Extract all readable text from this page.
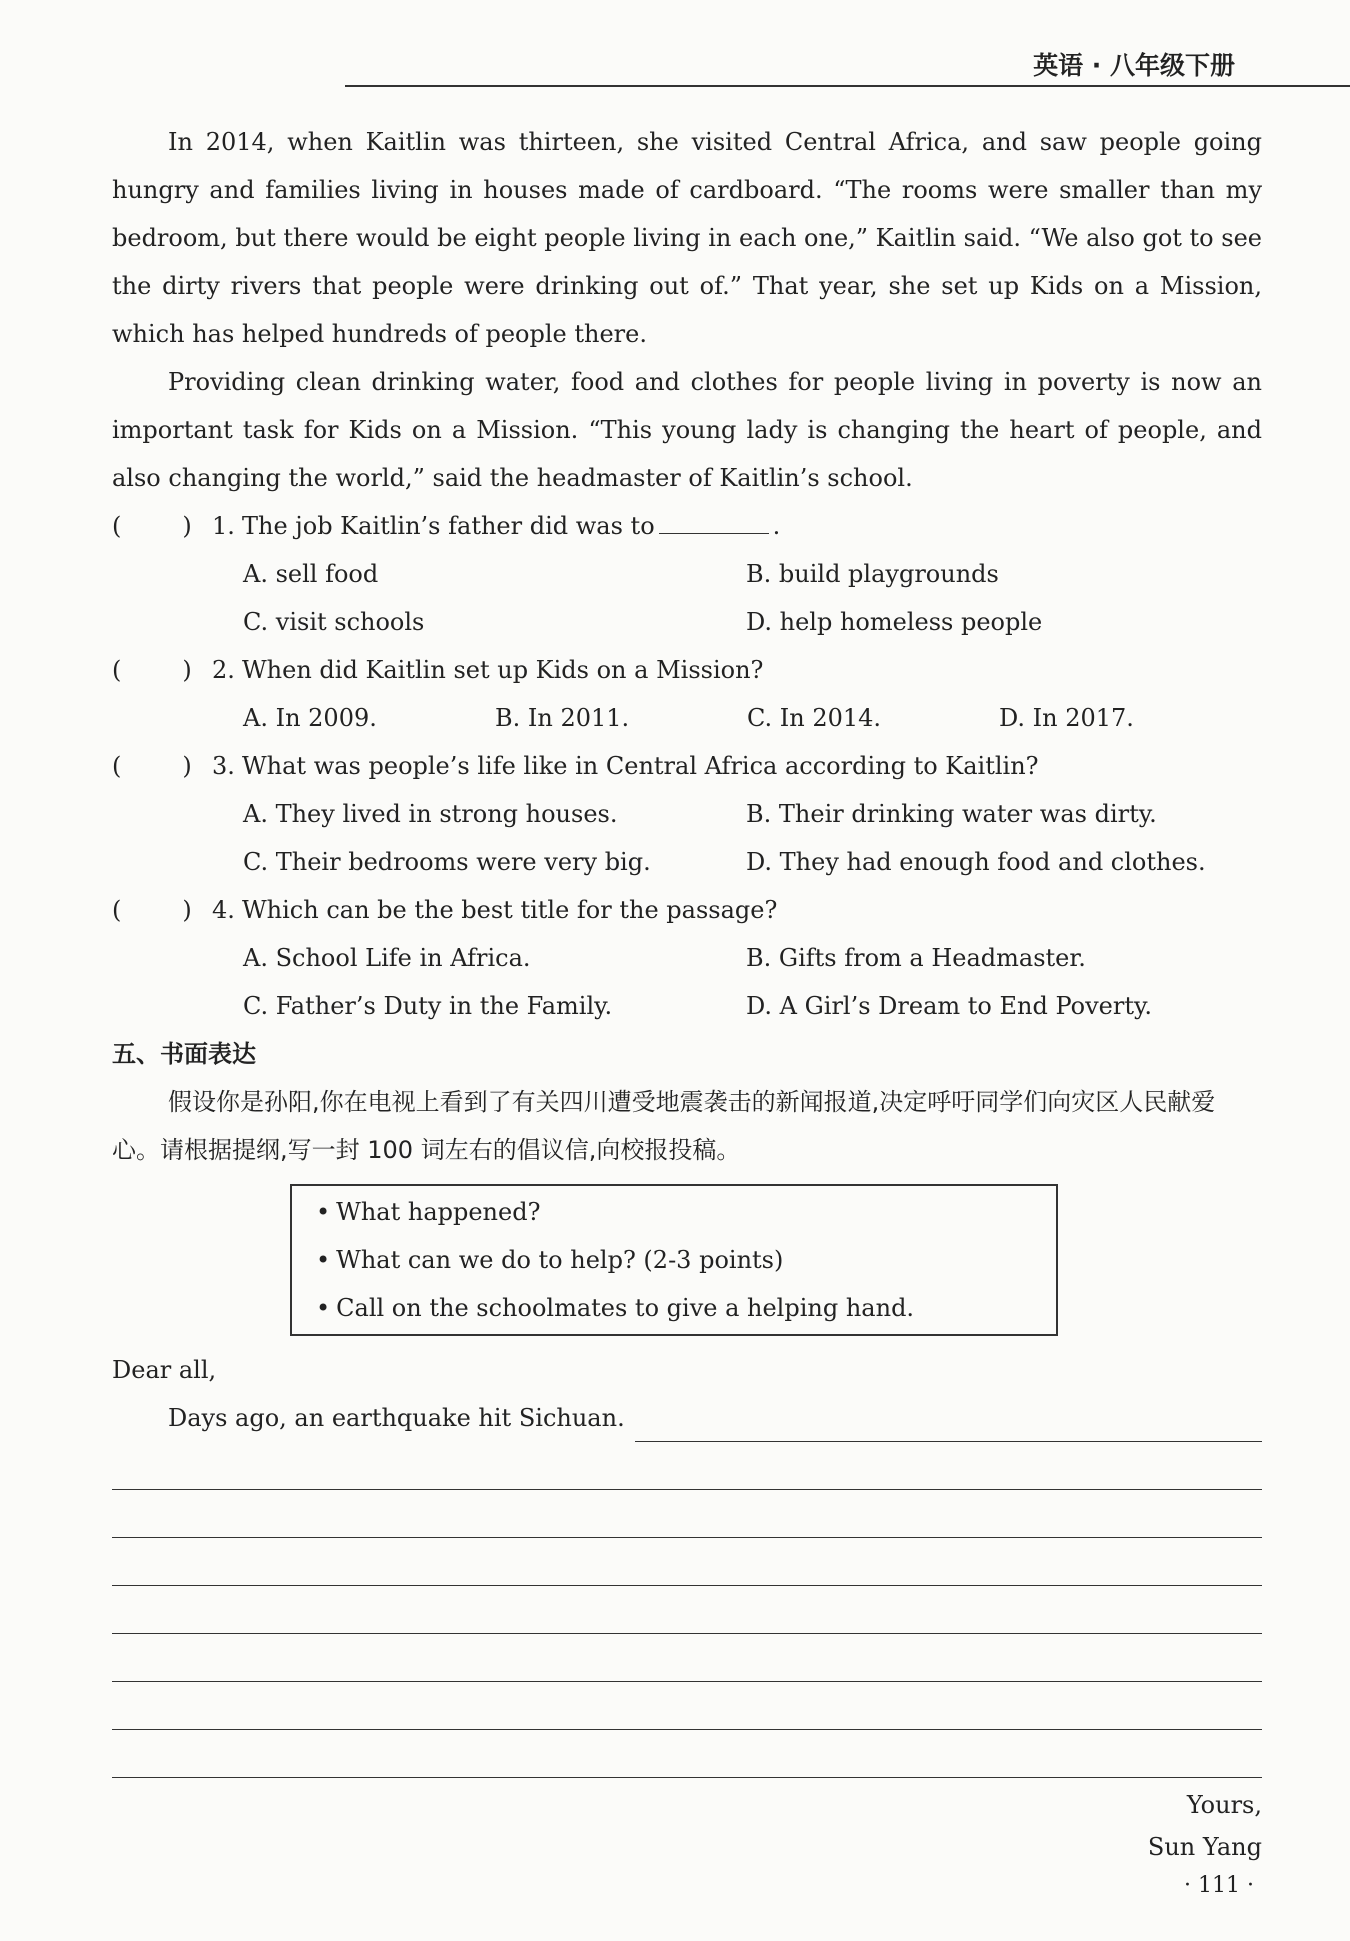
英语 · 八年级下册

In 2014, when Kaitlin was thirteen, she visited Central Africa, and saw people going hungry and families living in houses made of cardboard. “The rooms were smaller than my bedroom, but there would be eight people living in each one,” Kaitlin said. “We also got to see the dirty rivers that people were drinking out of.” That year, she set up Kids on a Mission, which has helped hundreds of people there.

Providing clean drinking water, food and clothes for people living in poverty is now an important task for Kids on a Mission. “This young lady is changing the heart of people, and also changing the world,” said the headmaster of Kaitlin’s school.

(        ) 1. The job Kaitlin’s father did was to	.
A. sell food	B. build playgrounds
C. visit schools	D. help homeless people
(        ) 2. When did Kaitlin set up Kids on a Mission?
A. In 2009.	B. In 2011.	C. In 2014.	D. In 2017.
(        ) 3. What was people’s life like in Central Africa according to Kaitlin?
A. They lived in strong houses.	B. Their drinking water was dirty.
C. Their bedrooms were very big.	D. They had enough food and clothes.
(        ) 4. Which can be the best title for the passage?
A. School Life in Africa.	B. Gifts from a Headmaster.
C. Father’s Duty in the Family.	D. A Girl’s Dream to End Poverty.
五、书面表达

假设你是孙阳,你在电视上看到了有关四川遭受地震袭击的新闻报道,决定呼吁同学们向灾区人民献爱心。请根据提纲,写一封 100 词左右的倡议信,向校报投稿。

• What happened?
• What can we do to help? (2-3 points)
• Call on the schoolmates to give a helping hand.
Dear all,
Days ago, an earthquake hit Sichuan.
Yours,
Sun Yang
· 111 ·
